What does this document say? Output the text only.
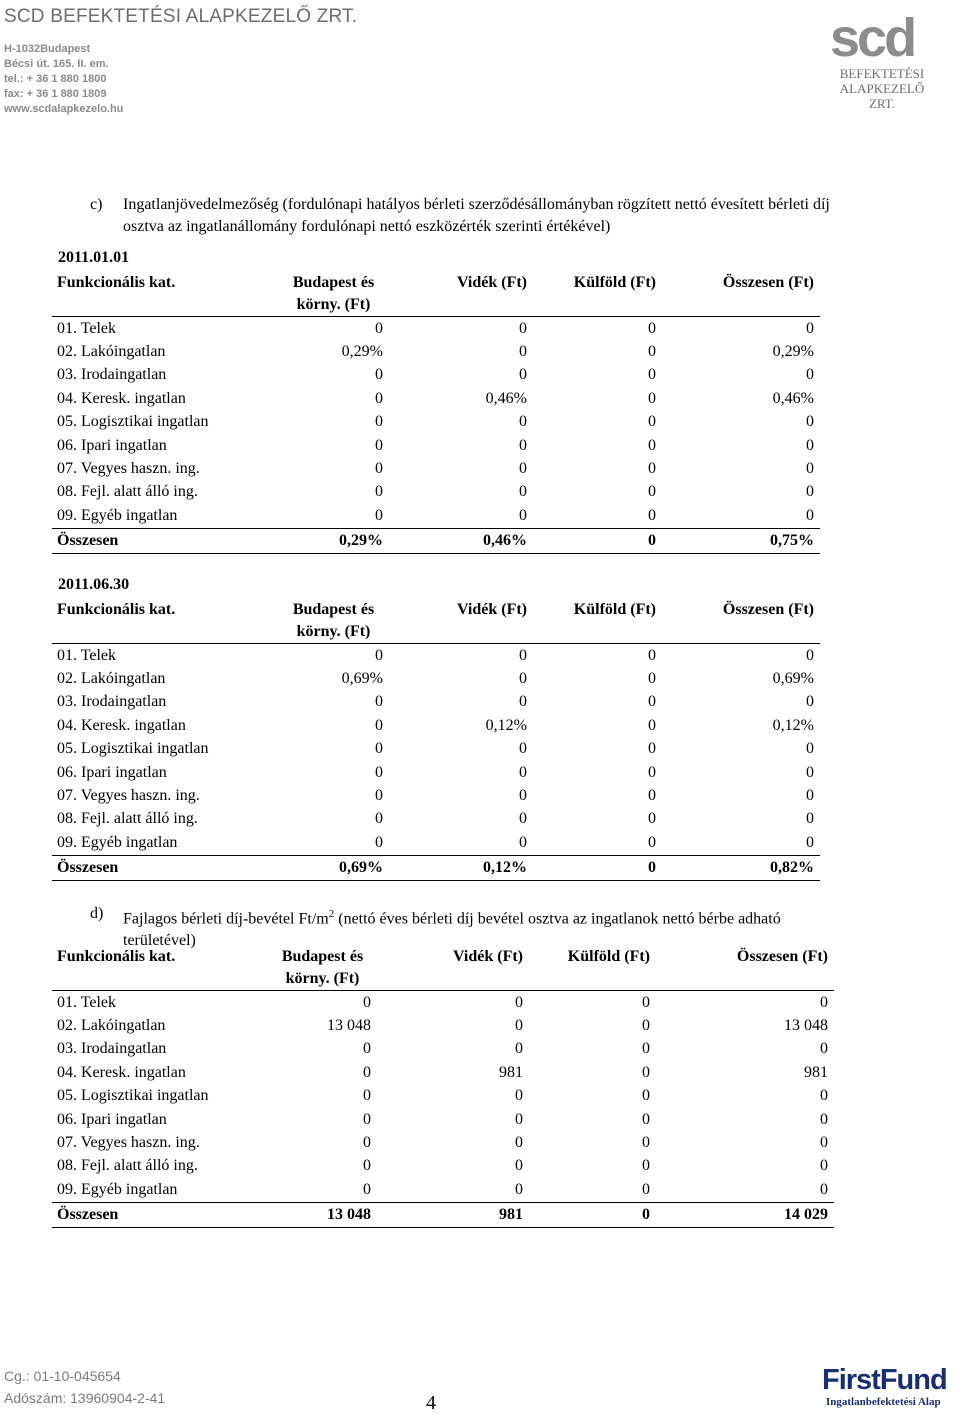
SCD BEFEKTETÉSI ALAPKEZELŐ ZRT.
H-1032Budapest
Bécsi út. 165. II. em.
tel.: + 36 1 880 1800
fax: + 36 1 880 1809
www.scdalapkezelo.hu
scd
BEFEKTETÉSI
ALAPKEZELŐ ZRT.
c) Ingatlanjövedelmezőség (fordulónapi hatályos bérleti szerződésállományban rögzített nettó évesített bérleti díj osztva az ingatlanállomány fordulónapi nettó eszközérték szerinti értékével)
2011.01.01
Funkcionális kat.	Budapest és
körny. (Ft)	Vidék (Ft)	Külföld (Ft)	Összesen (Ft)
01. Telek	0	0	0	0
02. Lakóingatlan	0,29%	0	0	0,29%
03. Irodaingatlan	0	0	0	0
04. Keresk. ingatlan	0	0,46%	0	0,46%
05. Logisztikai ingatlan	0	0	0	0
06. Ipari ingatlan	0	0	0	0
07. Vegyes haszn. ing.	0	0	0	0
08. Fejl. alatt álló ing.	0	0	0	0
09. Egyéb ingatlan	0	0	0	0
Összesen	0,29%	0,46%	0	0,75%
2011.06.30
Funkcionális kat.	Budapest és
körny. (Ft)	Vidék (Ft)	Külföld (Ft)	Összesen (Ft)
01. Telek	0	0	0	0
02. Lakóingatlan	0,69%	0	0	0,69%
03. Irodaingatlan	0	0	0	0
04. Keresk. ingatlan	0	0,12%	0	0,12%
05. Logisztikai ingatlan	0	0	0	0
06. Ipari ingatlan	0	0	0	0
07. Vegyes haszn. ing.	0	0	0	0
08. Fejl. alatt álló ing.	0	0	0	0
09. Egyéb ingatlan	0	0	0	0
Összesen	0,69%	0,12%	0	0,82%
d) Fajlagos bérleti díj-bevétel $Ft/m^2$ (nettó éves bérleti díj bevétel osztva az ingatlanok nettó bérbe adható területével)
Funkcionális kat.	Budapest és
körny. (Ft)	Vidék (Ft)	Külföld (Ft)	Összesen (Ft)
01. Telek	0	0	0	0
02. Lakóingatlan	13 048	0	0	13 048
03. Irodaingatlan	0	0	0	0
04. Keresk. ingatlan	0	981	0	981
05. Logisztikai ingatlan	0	0	0	0
06. Ipari ingatlan	0	0	0	0
07. Vegyes haszn. ing.	0	0	0	0
08. Fejl. alatt álló ing.	0	0	0	0
09. Egyéb ingatlan	0	0	0	0
Összesen	13 048	981	0	14 029
Cg.: 01-10-045654
Adószám: 13960904-2-41	4
FirstFund
Ingatlanbefektetési Alap
